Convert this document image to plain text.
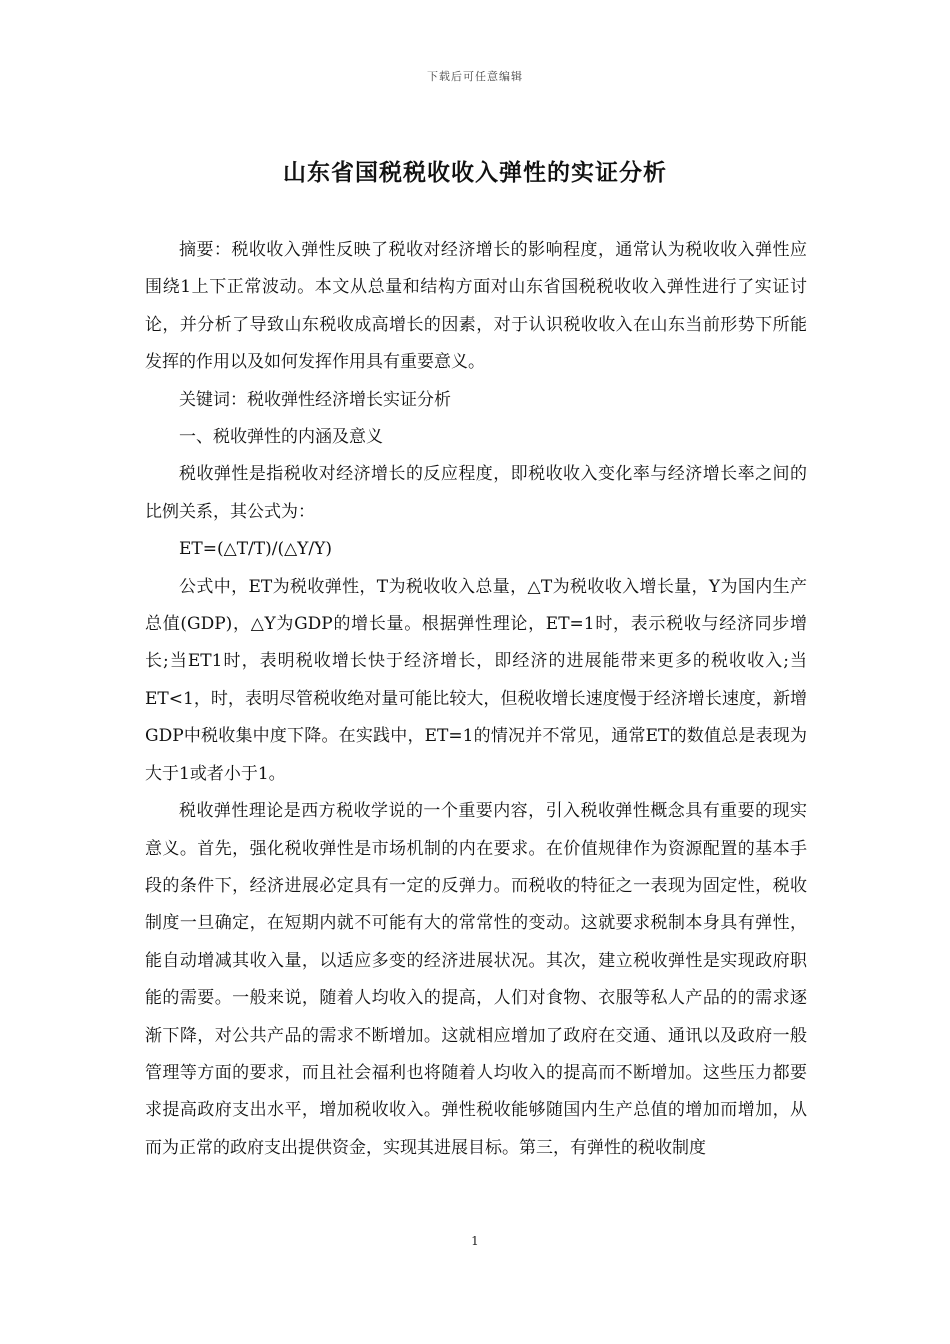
下载后可任意编辑
山东省国税税收收入弹性的实证分析

摘要：税收收入弹性反映了税收对经济增长的影响程度，通常认为税收收入弹性应围绕1上下正常波动。本文从总量和结构方面对山东省国税税收收入弹性进行了实证讨论，并分析了导致山东税收成高增长的因素，对于认识税收收入在山东当前形势下所能发挥的作用以及如何发挥作用具有重要意义。

关键词：税收弹性经济增长实证分析

一、税收弹性的内涵及意义

税收弹性是指税收对经济增长的反应程度，即税收收入变化率与经济增长率之间的比例关系，其公式为：

ET=(△T/T)/(△Y/Y)

公式中，ET为税收弹性，T为税收收入总量，△T为税收收入增长量，Y为国内生产总值(GDP)，△Y为GDP的增长量。根据弹性理论，ET=1时，表示税收与经济同步增长;当ET1时，表明税收增长快于经济增长，即经济的进展能带来更多的税收收入;当ET<1，时，表明尽管税收绝对量可能比较大，但税收增长速度慢于经济增长速度，新增GDP中税收集中度下降。在实践中，ET=1的情况并不常见，通常ET的数值总是表现为大于1或者小于1。

税收弹性理论是西方税收学说的一个重要内容，引入税收弹性概念具有重要的现实意义。首先，强化税收弹性是市场机制的内在要求。在价值规律作为资源配置的基本手段的条件下，经济进展必定具有一定的反弹力。而税收的特征之一表现为固定性，税收制度一旦确定，在短期内就不可能有大的常常性的变动。这就要求税制本身具有弹性，能自动增减其收入量，以适应多变的经济进展状况。其次，建立税收弹性是实现政府职能的需要。一般来说，随着人均收入的提高，人们对食物、衣服等私人产品的的需求逐渐下降，对公共产品的需求不断增加。这就相应增加了政府在交通、通讯以及政府一般管理等方面的要求，而且社会福利也将随着人均收入的提高而不断增加。这些压力都要求提高政府支出水平，增加税收收入。弹性税收能够随国内生产总值的增加而增加，从而为正常的政府支出提供资金，实现其进展目标。第三，有弹性的税收制度

1
